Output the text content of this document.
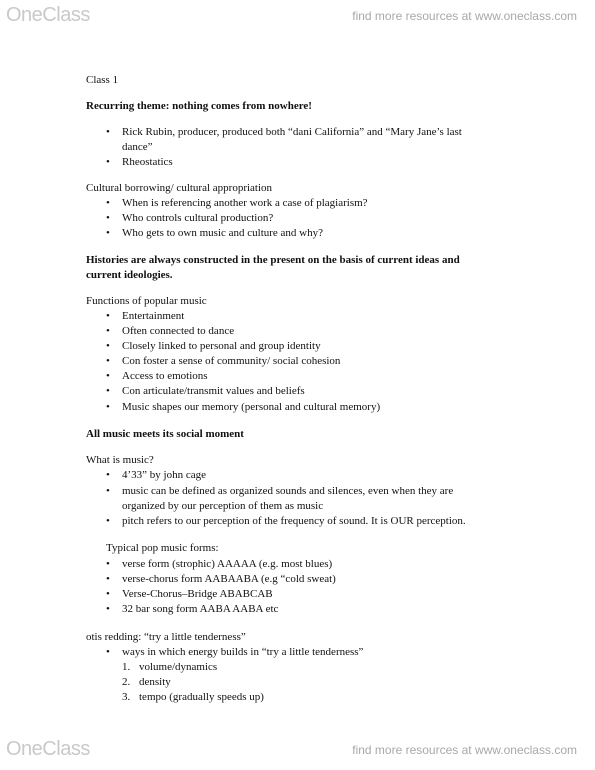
OneClass	find more resources at www.oneclass.com
Class 1
Recurring theme: nothing comes from nowhere!
• Rick Rubin, producer, produced both “dani California” and “Mary Jane’s last
dance”
• Rheostatics
Cultural borrowing/ cultural appropriation
• When is referencing another work a case of plagiarism?
• Who controls cultural production?
• Who gets to own music and culture and why?
Histories are always constructed in the present on the basis of current ideas and
current ideologies.
Functions of popular music
• Entertainment
• Often connected to dance
• Closely linked to personal and group identity
• Con foster a sense of community/ social cohesion
• Access to emotions
• Con articulate/transmit values and beliefs
• Music shapes our memory (personal and cultural memory)
All music meets its social moment
What is music?
• 4’33” by john cage
• music can be defined as organized sounds and silences, even when they are
organized by our perception of them as music
• pitch refers to our perception of the frequency of sound. It is OUR perception.
Typical pop music forms:
• verse form (strophic) AAAAA (e.g. most blues)
• verse-chorus form AABAABA (e.g “cold sweat)
• Verse-Chorus–Bridge ABABCAB
• 32 bar song form AABA AABA etc
otis redding: “try a little tenderness”
• ways in which energy builds in “try a little tenderness”
1. volume/dynamics
2. density
3. tempo (gradually speeds up)
OneClass	find more resources at www.oneclass.com
